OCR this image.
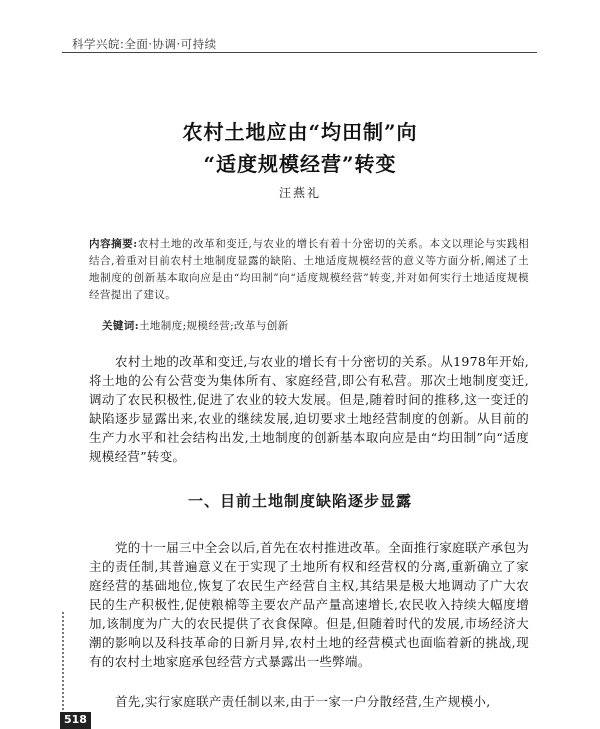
科学兴皖:全面·协调·可持续
农村土地应由“均田制”向
“适度规模经营”转变
汪燕礼
内容摘要:农村土地的改革和变迁,与农业的增长有着十分密切的关系。本文以理论与实践相结合,着重对目前农村土地制度显露的缺陷、土地适度规模经营的意义等方面分析,阐述了土地制度的创新基本取向应是由“均田制”向“适度规模经营”转变,并对如何实行土地适度规模经营提出了建议。
关键词:土地制度;规模经营;改革与创新
农村土地的改革和变迁,与农业的增长有十分密切的关系。从1978年开始,将土地的公有公营变为集体所有、家庭经营,即公有私营。那次土地制度变迁,调动了农民积极性,促进了农业的较大发展。但是,随着时间的推移,这一变迁的缺陷逐步显露出来,农业的继续发展,迫切要求土地经营制度的创新。从目前的生产力水平和社会结构出发,土地制度的创新基本取向应是由“均田制”向“适度规模经营”转变。
一、目前土地制度缺陷逐步显露
党的十一届三中全会以后,首先在农村推进改革。全面推行家庭联产承包为主的责任制,其普遍意义在于实现了土地所有权和经营权的分离,重新确立了家庭经营的基础地位,恢复了农民生产经营自主权,其结果是极大地调动了广大农民的生产积极性,促使粮棉等主要农产品产量高速增长,农民收入持续大幅度增加,该制度为广大的农民提供了衣食保障。但是,但随着时代的发展,市场经济大潮的影响以及科技革命的日新月异,农村土地的经营模式也面临着新的挑战,现有的农村土地家庭承包经营方式暴露出一些弊端。
首先,实行家庭联产责任制以来,由于一家一户分散经营,生产规模小,
518
